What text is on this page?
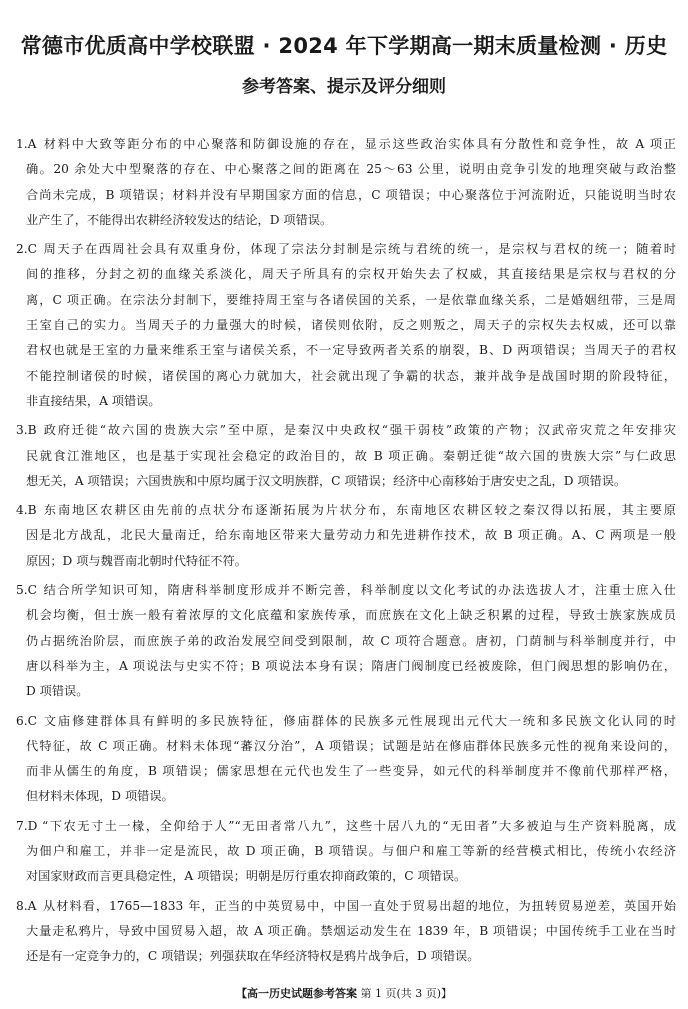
常德市优质高中学校联盟 · 2024 年下学期高一期末质量检测 · 历史
参考答案、提示及评分细则
1.A 材料中大致等距分布的中心聚落和防御设施的存在，显示这些政治实体具有分散性和竞争性，故 A 项正
确。20 余处大中型聚落的存在、中心聚落之间的距离在 25～63 公里，说明由竞争引发的地理突破与政治整
合尚未完成，B 项错误；材料并没有早期国家方面的信息，C 项错误；中心聚落位于河流附近，只能说明当时农
业产生了，不能得出农耕经济较发达的结论，D 项错误。
2.C 周天子在西周社会具有双重身份，体现了宗法分封制是宗统与君统的统一，是宗权与君权的统一；随着时
间的推移，分封之初的血缘关系淡化，周天子所具有的宗权开始失去了权威，其直接结果是宗权与君权的分
离，C 项正确。在宗法分封制下，要维持周王室与各诸侯国的关系，一是依靠血缘关系，二是婚姻纽带，三是周
王室自己的实力。当周天子的力量强大的时候，诸侯则依附，反之则叛之，周天子的宗权失去权威，还可以靠
君权也就是王室的力量来维系王室与诸侯关系，不一定导致两者关系的崩裂，B、D 两项错误；当周天子的君权
不能控制诸侯的时候，诸侯国的离心力就加大，社会就出现了争霸的状态，兼并战争是战国时期的阶段特征，
非直接结果，A 项错误。
3.B 政府迁徙“故六国的贵族大宗”至中原，是秦汉中央政权“强干弱枝”政策的产物；汉武帝灾荒之年安排灾
民就食江淮地区，也是基于实现社会稳定的政治目的，故 B 项正确。秦朝迁徙“故六国的贵族大宗”与仁政思
想无关，A 项错误；六国贵族和中原均属于汉文明族群，C 项错误；经济中心南移始于唐安史之乱，D 项错误。
4.B 东南地区农耕区由先前的点状分布逐渐拓展为片状分布，东南地区农耕区较之秦汉得以拓展，其主要原
因是北方战乱，北民大量南迁，给东南地区带来大量劳动力和先进耕作技术，故 B 项正确。A、C 两项是一般
原因；D 项与魏晋南北朝时代特征不符。
5.C 结合所学知识可知，隋唐科举制度形成并不断完善，科举制度以文化考试的办法选拔人才，注重士庶入仕
机会均衡，但士族一般有着浓厚的文化底蕴和家族传承，而庶族在文化上缺乏积累的过程，导致士族家族成员
仍占据统治阶层，而庶族子弟的政治发展空间受到限制，故 C 项符合题意。唐初，门荫制与科举制度并行，中
唐以科举为主，A 项说法与史实不符；B 项说法本身有误；隋唐门阀制度已经被废除，但门阀思想的影响仍在，
D 项错误。
6.C 文庙修建群体具有鲜明的多民族特征，修庙群体的民族多元性展现出元代大一统和多民族文化认同的时
代特征，故 C 项正确。材料未体现“蕃汉分治”，A 项错误；试题是站在修庙群体民族多元性的视角来设问的，
而非从儒生的角度，B 项错误；儒家思想在元代也发生了一些变异，如元代的科举制度并不像前代那样严格，
但材料未体现，D 项错误。
7.D “下农无寸土一椽，全仰给于人”“无田者常八九”，这些十居八九的“无田者”大多被迫与生产资料脱离，成
为佃户和雇工，并非一定是流民，故 D 项正确，B 项错误。与佃户和雇工等新的经营模式相比，传统小农经济
对国家财政而言更具稳定性，A 项错误；明朝是厉行重农抑商政策的，C 项错误。
8.A 从材料看，1765—1833 年，正当的中英贸易中，中国一直处于贸易出超的地位，为扭转贸易逆差，英国开始
大量走私鸦片，导致中国贸易入超，故 A 项正确。禁烟运动发生在 1839 年，B 项错误；中国传统手工业在当时
还是有一定竞争力的，C 项错误；列强获取在华经济特权是鸦片战争后，D 项错误。
【高一历史试题参考答案 第 1 页(共 3 页)】
